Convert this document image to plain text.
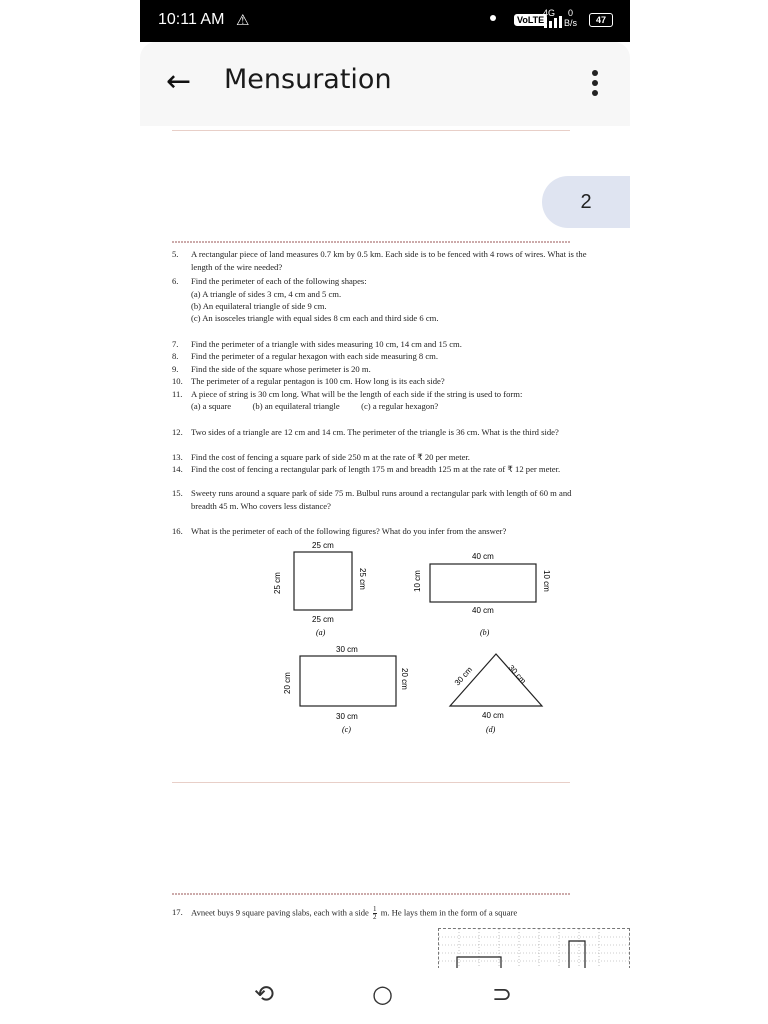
10:11 AM ⚠	VoLTE
4G	0
B/s	47
← Mensuration
2
5. A rectangular piece of land measures 0.7 km by 0.5 km. Each side is to be fenced with 4 rows of wires. What is the length of the wire needed?
6. Find the perimeter of each of the following shapes:
(a) A triangle of sides 3 cm, 4 cm and 5 cm.
(b) An equilateral triangle of side 9 cm.
(c) An isosceles triangle with equal sides 8 cm each and third side 6 cm.
7. Find the perimeter of a triangle with sides measuring 10 cm, 14 cm and 15 cm.
8. Find the perimeter of a regular hexagon with each side measuring 8 cm.
9. Find the side of the square whose perimeter is 20 m.
10. The perimeter of a regular pentagon is 100 cm. How long is its each side?
11. A piece of string is 30 cm long. What will be the length of each side if the string is used to form:
(a) a square          (b) an equilateral triangle          (c) a regular hexagon?
12. Two sides of a triangle are 12 cm and 14 cm. The perimeter of the triangle is 36 cm. What is the third side?
13. Find the cost of fencing a square park of side 250 m at the rate of ₹ 20 per meter.
14. Find the cost of fencing a rectangular park of length 175 m and breadth 125 m at the rate of ₹ 12 per meter.
15. Sweety runs around a square park of side 75 m. Bulbul runs around a rectangular park with length of 60 m and breadth 45 m. Who covers less distance?
16. What is the perimeter of each of the following figures? What do you infer from the answer?
25 cm
25 cm	25 cm
25 cm
(a)
40 cm
10 cm	10 cm
40 cm
(b)
30 cm
20 cm	20 cm
30 cm
(c)
30 cm	30 cm
40 cm
(d)
17. Avneet buys 9 square paving slabs, each with a side $\frac{1}{2} m$. He lays them in the form of a square
⟲	○	⊃
